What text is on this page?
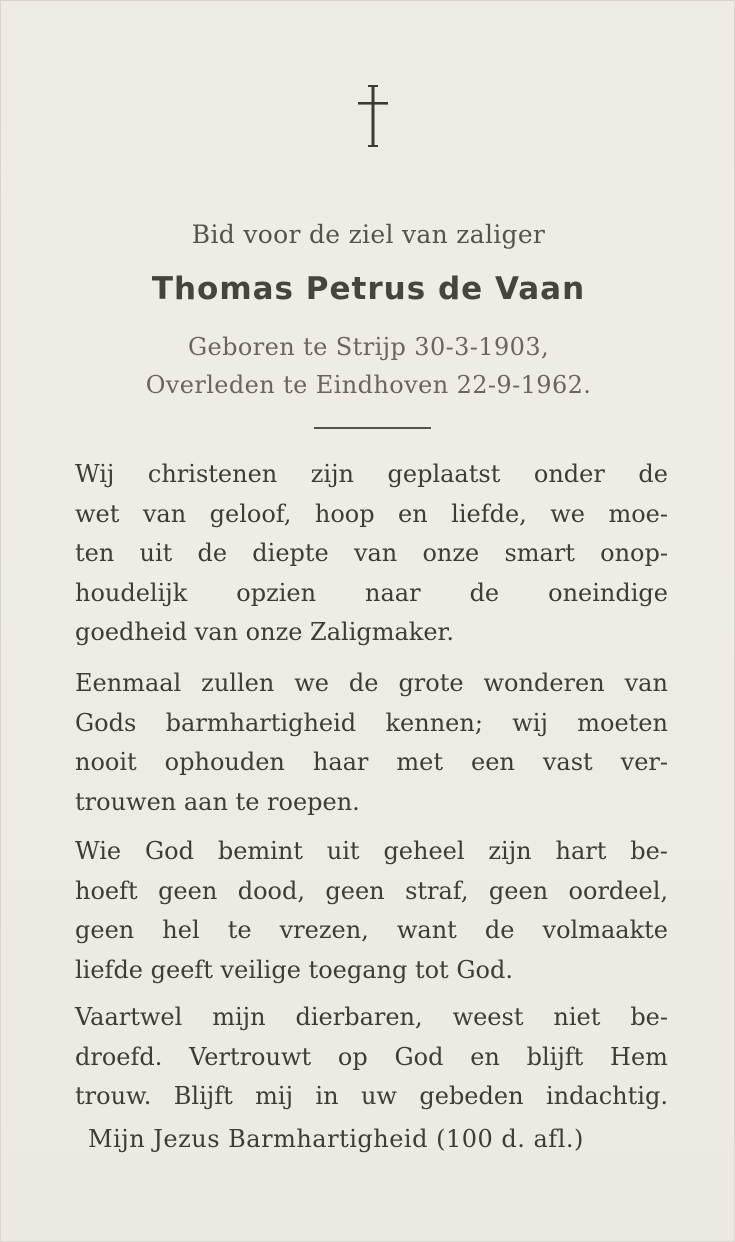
Bid voor de ziel van zaliger
Thomas Petrus de Vaan
Geboren te Strijp 30-3-1903,
Overleden te Eindhoven 22-9-1962.
Wij christenen zijn geplaatst onder de
wet van geloof, hoop en liefde, we moe-
ten uit de diepte van onze smart onop-
houdelijk opzien naar de oneindige
goedheid van onze Zaligmaker.
Eenmaal zullen we de grote wonderen van
Gods barmhartigheid kennen; wij moeten
nooit ophouden haar met een vast ver-
trouwen aan te roepen.
Wie God bemint uit geheel zijn hart be-
hoeft geen dood, geen straf, geen oordeel,
geen hel te vrezen, want de volmaakte
liefde geeft veilige toegang tot God.
Vaartwel mijn dierbaren, weest niet be-
droefd. Vertrouwt op God en blijft Hem
trouw. Blijft mij in uw gebeden indachtig.
Mijn Jezus Barmhartigheid (100 d. afl.)
